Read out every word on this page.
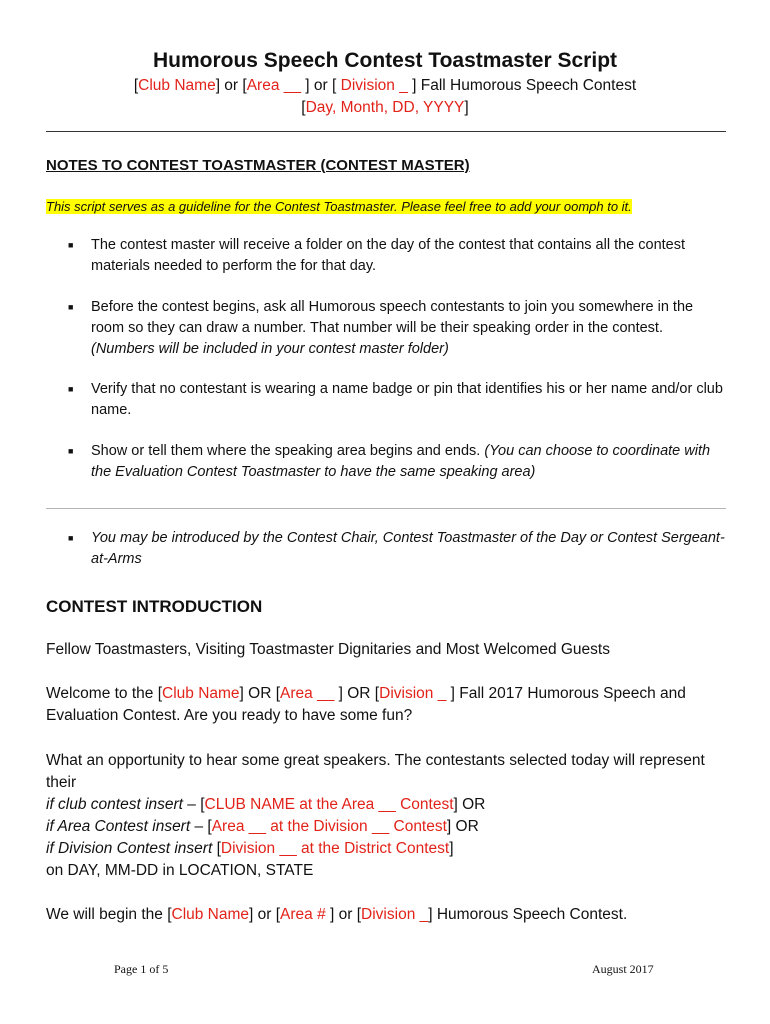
Humorous Speech Contest Toastmaster Script
[Club Name] or [Area __ ] or [ Division _ ] Fall Humorous Speech Contest
[Day, Month, DD, YYYY]
NOTES TO CONTEST TOASTMASTER (CONTEST MASTER)
This script serves as a guideline for the Contest Toastmaster. Please feel free to add your oomph to it.
■ The contest master will receive a folder on the day of the contest that contains all the contest materials needed to perform the for that day.
■ Before the contest begins, ask all Humorous speech contestants to join you somewhere in the room so they can draw a number. That number will be their speaking order in the contest.
(Numbers will be included in your contest master folder)
■ Verify that no contestant is wearing a name badge or pin that identifies his or her name and/or club name.
■ Show or tell them where the speaking area begins and ends. (You can choose to coordinate with the Evaluation Contest Toastmaster to have the same speaking area)
■ You may be introduced by the Contest Chair, Contest Toastmaster of the Day or Contest Sergeant-at-Arms
CONTEST INTRODUCTION
Fellow Toastmasters, Visiting Toastmaster Dignitaries and Most Welcomed Guests
Welcome to the [Club Name] OR [Area __ ] OR [Division _ ] Fall 2017 Humorous Speech and Evaluation Contest. Are you ready to have some fun?
What an opportunity to hear some great speakers. The contestants selected today will represent their
if club contest insert – [CLUB NAME at the Area __ Contest] OR
if Area Contest insert – [Area __ at the Division __ Contest] OR
if Division Contest insert [Division __ at the District Contest]
on DAY, MM-DD in LOCATION, STATE
We will begin the [Club Name] or [Area # ] or [Division _] Humorous Speech Contest.
Page 1 of 5	August 2017
